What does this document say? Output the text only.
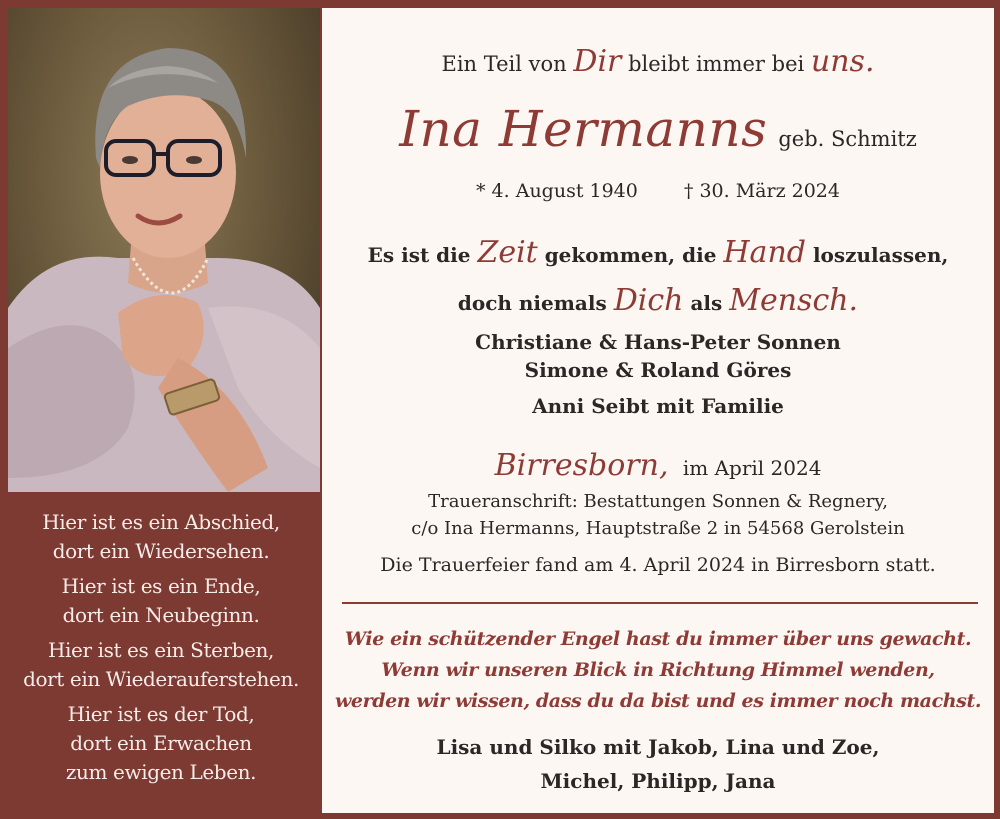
Hier ist es ein Abschied,

dort ein Wiedersehen.

Hier ist es ein Ende,

dort ein Neubeginn.

Hier ist es ein Sterben,

dort ein Wiederauferstehen.

Hier ist es der Tod,

dort ein Erwachen

zum ewigen Leben.

Ein Teil von Dir bleibt immer bei uns.
Ina Hermanns geb. Schmitz
* 4. August 1940 † 30. März 2024
Es ist die Zeit gekommen, die Hand loszulassen,
doch niemals Dich als Mensch.
Christiane & Hans-Peter Sonnen
Simone & Roland Göres
Anni Seibt mit Familie
Birresborn, im April 2024
Traueranschrift: Bestattungen Sonnen & Regnery,
c/o Ina Hermanns, Hauptstraße 2 in 54568 Gerolstein
Die Trauerfeier fand am 4. April 2024 in Birresborn statt.
Wie ein schützender Engel hast du immer über uns gewacht.
Wenn wir unseren Blick in Richtung Himmel wenden,
werden wir wissen, dass du da bist und es immer noch machst.
Lisa und Silko mit Jakob, Lina und Zoe,
Michel, Philipp, Jana
